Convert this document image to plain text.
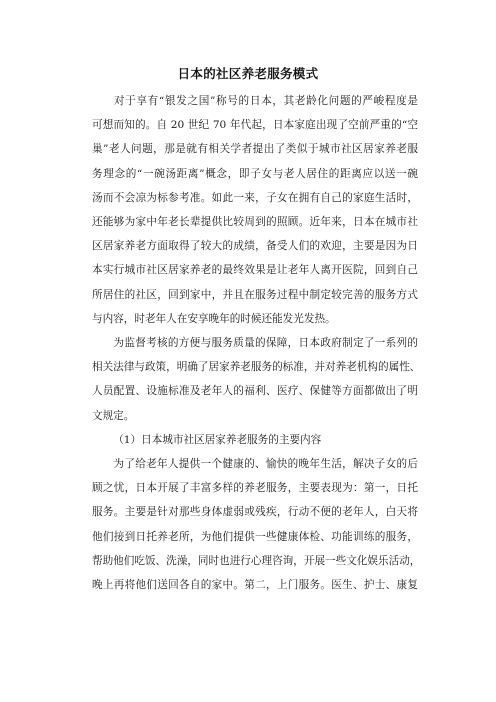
日本的社区养老服务模式

对于享有“银发之国”称号的日本，其老龄化问题的严峻程度是
可想而知的。自 20 世纪 70 年代起，日本家庭出现了空前严重的“空
巢”老人问题，那是就有相关学者提出了类似于城市社区居家养老服
务理念的“一碗汤距离”概念，即子女与老人居住的距离应以送一碗
汤而不会凉为标参考准。如此一来，子女在拥有自己的家庭生活时，
还能够为家中年老长辈提供比较周到的照顾。近年来，日本在城市社
区居家养老方面取得了较大的成绩，备受人们的欢迎，主要是因为日
本实行城市社区居家养老的最终效果是让老年人离开医院，回到自己
所居住的社区，回到家中，并且在服务过程中制定较完善的服务方式
与内容，时老年人在安享晚年的时候还能发光发热。

为监督考核的方便与服务质量的保障，日本政府制定了一系列的
相关法律与政策，明确了居家养老服务的标准，并对养老机构的属性、
人员配置、设施标准及老年人的福利、医疗、保健等方面都做出了明
文规定。

（1）日本城市社区居家养老服务的主要内容

为了给老年人提供一个健康的、愉快的晚年生活，解决子女的后
顾之忧，日本开展了丰富多样的养老服务，主要表现为：第一，日托
服务。主要是针对那些身体虚弱或残疾，行动不便的老年人，白天将
他们接到日托养老所，为他们提供一些健康体检、功能训练的服务，
帮助他们吃饭、洗澡，同时也进行心理咨询，开展一些文化娱乐活动，
晚上再将他们送回各自的家中。第二，上门服务。医生、护士、康复
